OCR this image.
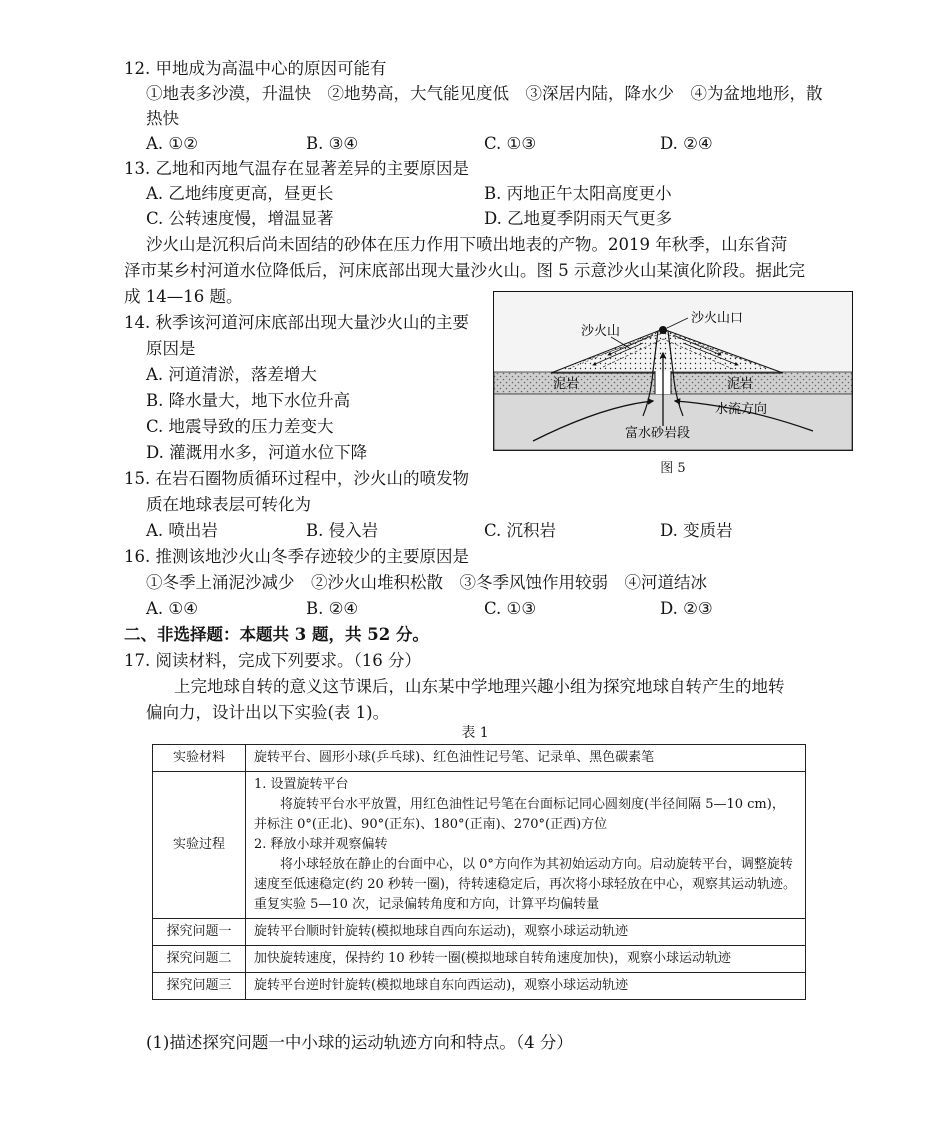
12. 甲地成为高温中心的原因可能有
①地表多沙漠，升温快　②地势高，大气能见度低　③深居内陆，降水少　④为盆地地形，散
热快
A. ①②	B. ③④	C. ①③	D. ②④
13. 乙地和丙地气温存在显著差异的主要原因是
A. 乙地纬度更高，昼更长	B. 丙地正午太阳高度更小
C. 公转速度慢，增温显著	D. 乙地夏季阴雨天气更多
沙火山是沉积后尚未固结的砂体在压力作用下喷出地表的产物。2019 年秋季，山东省菏
泽市某乡村河道水位降低后，河床底部出现大量沙火山。图 5 示意沙火山某演化阶段。据此完
成 14—16 题。
14. 秋季该河道河床底部出现大量沙火山的主要
原因是
A. 河道清淤，落差增大
B. 降水量大，地下水位升高
C. 地震导致的压力差变大
D. 灌溉用水多，河道水位下降
沙火山口
沙火山
泥岩	泥岩
水流方向
富水砂岩段
图 5
15. 在岩石圈物质循环过程中，沙火山的喷发物
质在地球表层可转化为
A. 喷出岩	B. 侵入岩	C. 沉积岩	D. 变质岩
16. 推测该地沙火山冬季存迹较少的主要原因是
①冬季上涌泥沙减少　②沙火山堆积松散　③冬季风蚀作用较弱　④河道结冰
A. ①④	B. ②④	C. ①③	D. ②③
二、非选择题：本题共 3 题，共 52 分。
17. 阅读材料，完成下列要求。（16 分）
上完地球自转的意义这节课后，山东某中学地理兴趣小组为探究地球自转产生的地转
偏向力，设计出以下实验(表 1)。
表 1
实验材料	旋转平台、圆形小球(乒乓球)、红色油性记号笔、记录单、黑色碳素笔
实验过程	1. 设置旋转平台
将旋转平台水平放置，用红色油性记号笔在台面标记同心圆刻度(半径间隔 5—10 cm)，并标注 0°(正北)、90°(正东)、180°(正南)、270°(正西)方位
2. 释放小球并观察偏转
将小球轻放在静止的台面中心，以 0°方向作为其初始运动方向。启动旋转平台，调整旋转速度至低速稳定(约 20 秒转一圈)，待转速稳定后，再次将小球轻放在中心，观察其运动轨迹。重复实验 5—10 次，记录偏转角度和方向，计算平均偏转量

探究问题一	旋转平台顺时针旋转(模拟地球自西向东运动)，观察小球运动轨迹
探究问题二	加快旋转速度，保持约 10 秒转一圈(模拟地球自转角速度加快)，观察小球运动轨迹
探究问题三	旋转平台逆时针旋转(模拟地球自东向西运动)，观察小球运动轨迹
(1)描述探究问题一中小球的运动轨迹方向和特点。（4 分）
